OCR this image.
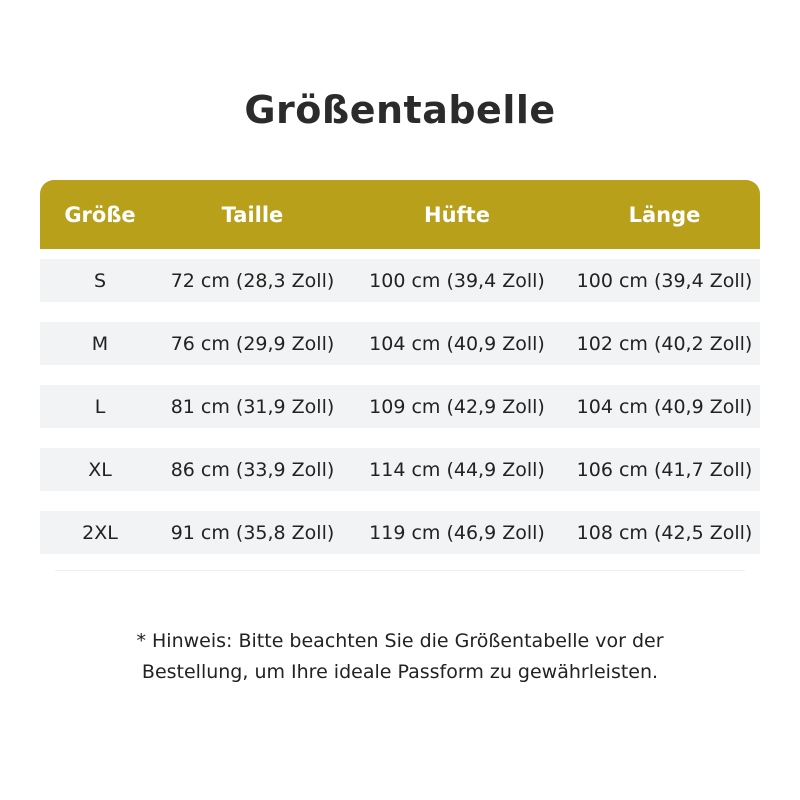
Größentabelle
Größe	Taille	Hüfte	Länge
S	72 cm (28,3 Zoll)	100 cm (39,4 Zoll)	100 cm (39,4 Zoll)
M	76 cm (29,9 Zoll)	104 cm (40,9 Zoll)	102 cm (40,2 Zoll)
L	81 cm (31,9 Zoll)	109 cm (42,9 Zoll)	104 cm (40,9 Zoll)
XL	86 cm (33,9 Zoll)	114 cm (44,9 Zoll)	106 cm (41,7 Zoll)
2XL	91 cm (35,8 Zoll)	119 cm (46,9 Zoll)	108 cm (42,5 Zoll)
* Hinweis: Bitte beachten Sie die Größentabelle vor der
Bestellung, um Ihre ideale Passform zu gewährleisten.
